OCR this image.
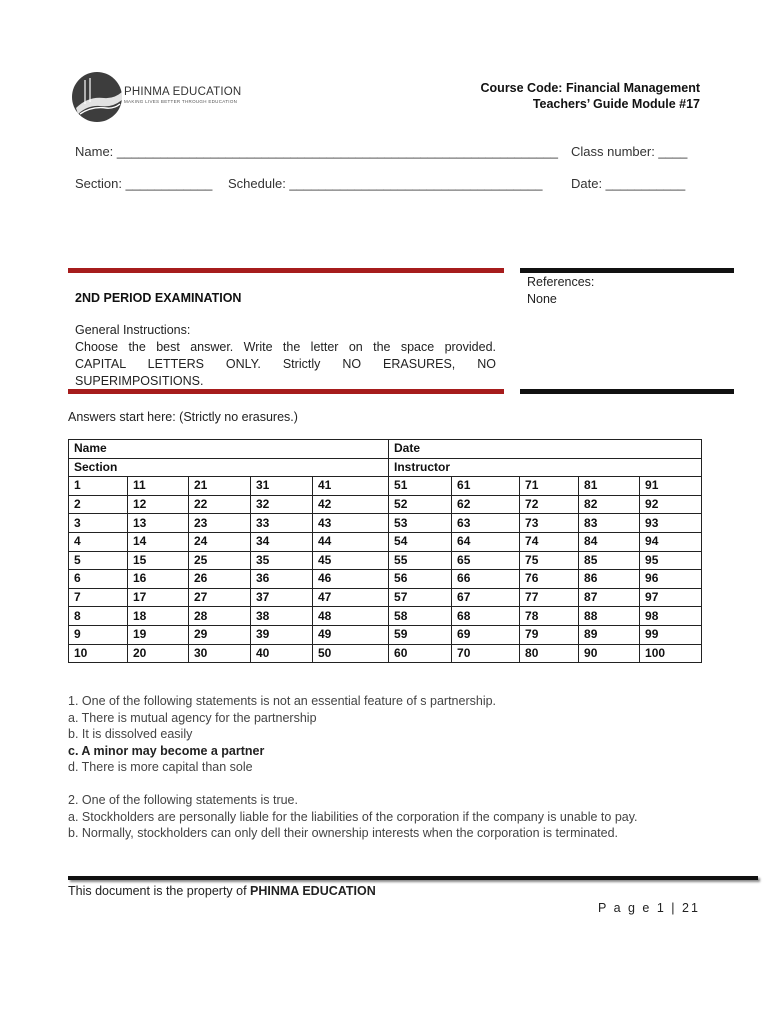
PHINMA EDUCATION
MAKING LIVES BETTER THROUGH EDUCATION
Course Code: Financial Management
Teachers’ Guide Module #17
Name: _____________________________________________________________ Class number: ____
Section: ____________ Schedule: ___________________________________ Date: ___________
2ND PERIOD EXAMINATION
General Instructions:
Choose the best answer. Write the letter on the space provided.
CAPITAL LETTERS ONLY. Strictly NO ERASURES, NO
SUPERIMPOSITIONS.
References:
None
Answers start here: (Strictly no erasures.)
Name					Date				
Section					Instructor				
1	11	21	31	41	51	61	71	81	91
2	12	22	32	42	52	62	72	82	92
3	13	23	33	43	53	63	73	83	93
4	14	24	34	44	54	64	74	84	94
5	15	25	35	45	55	65	75	85	95
6	16	26	36	46	56	66	76	86	96
7	17	27	37	47	57	67	77	87	97
8	18	28	38	48	58	68	78	88	98
9	19	29	39	49	59	69	79	89	99
10	20	30	40	50	60	70	80	90	100
1. One of the following statements is not an essential feature of s partnership.
a. There is mutual agency for the partnership
b. It is dissolved easily
c. A minor may become a partner
d. There is more capital than sole
2. One of the following statements is true.
a. Stockholders are personally liable for the liabilities of the corporation if the company is unable to pay.
b. Normally, stockholders can only dell their ownership interests when the corporation is terminated.
This document is the property of PHINMA EDUCATION
P a g e 1 | 21
